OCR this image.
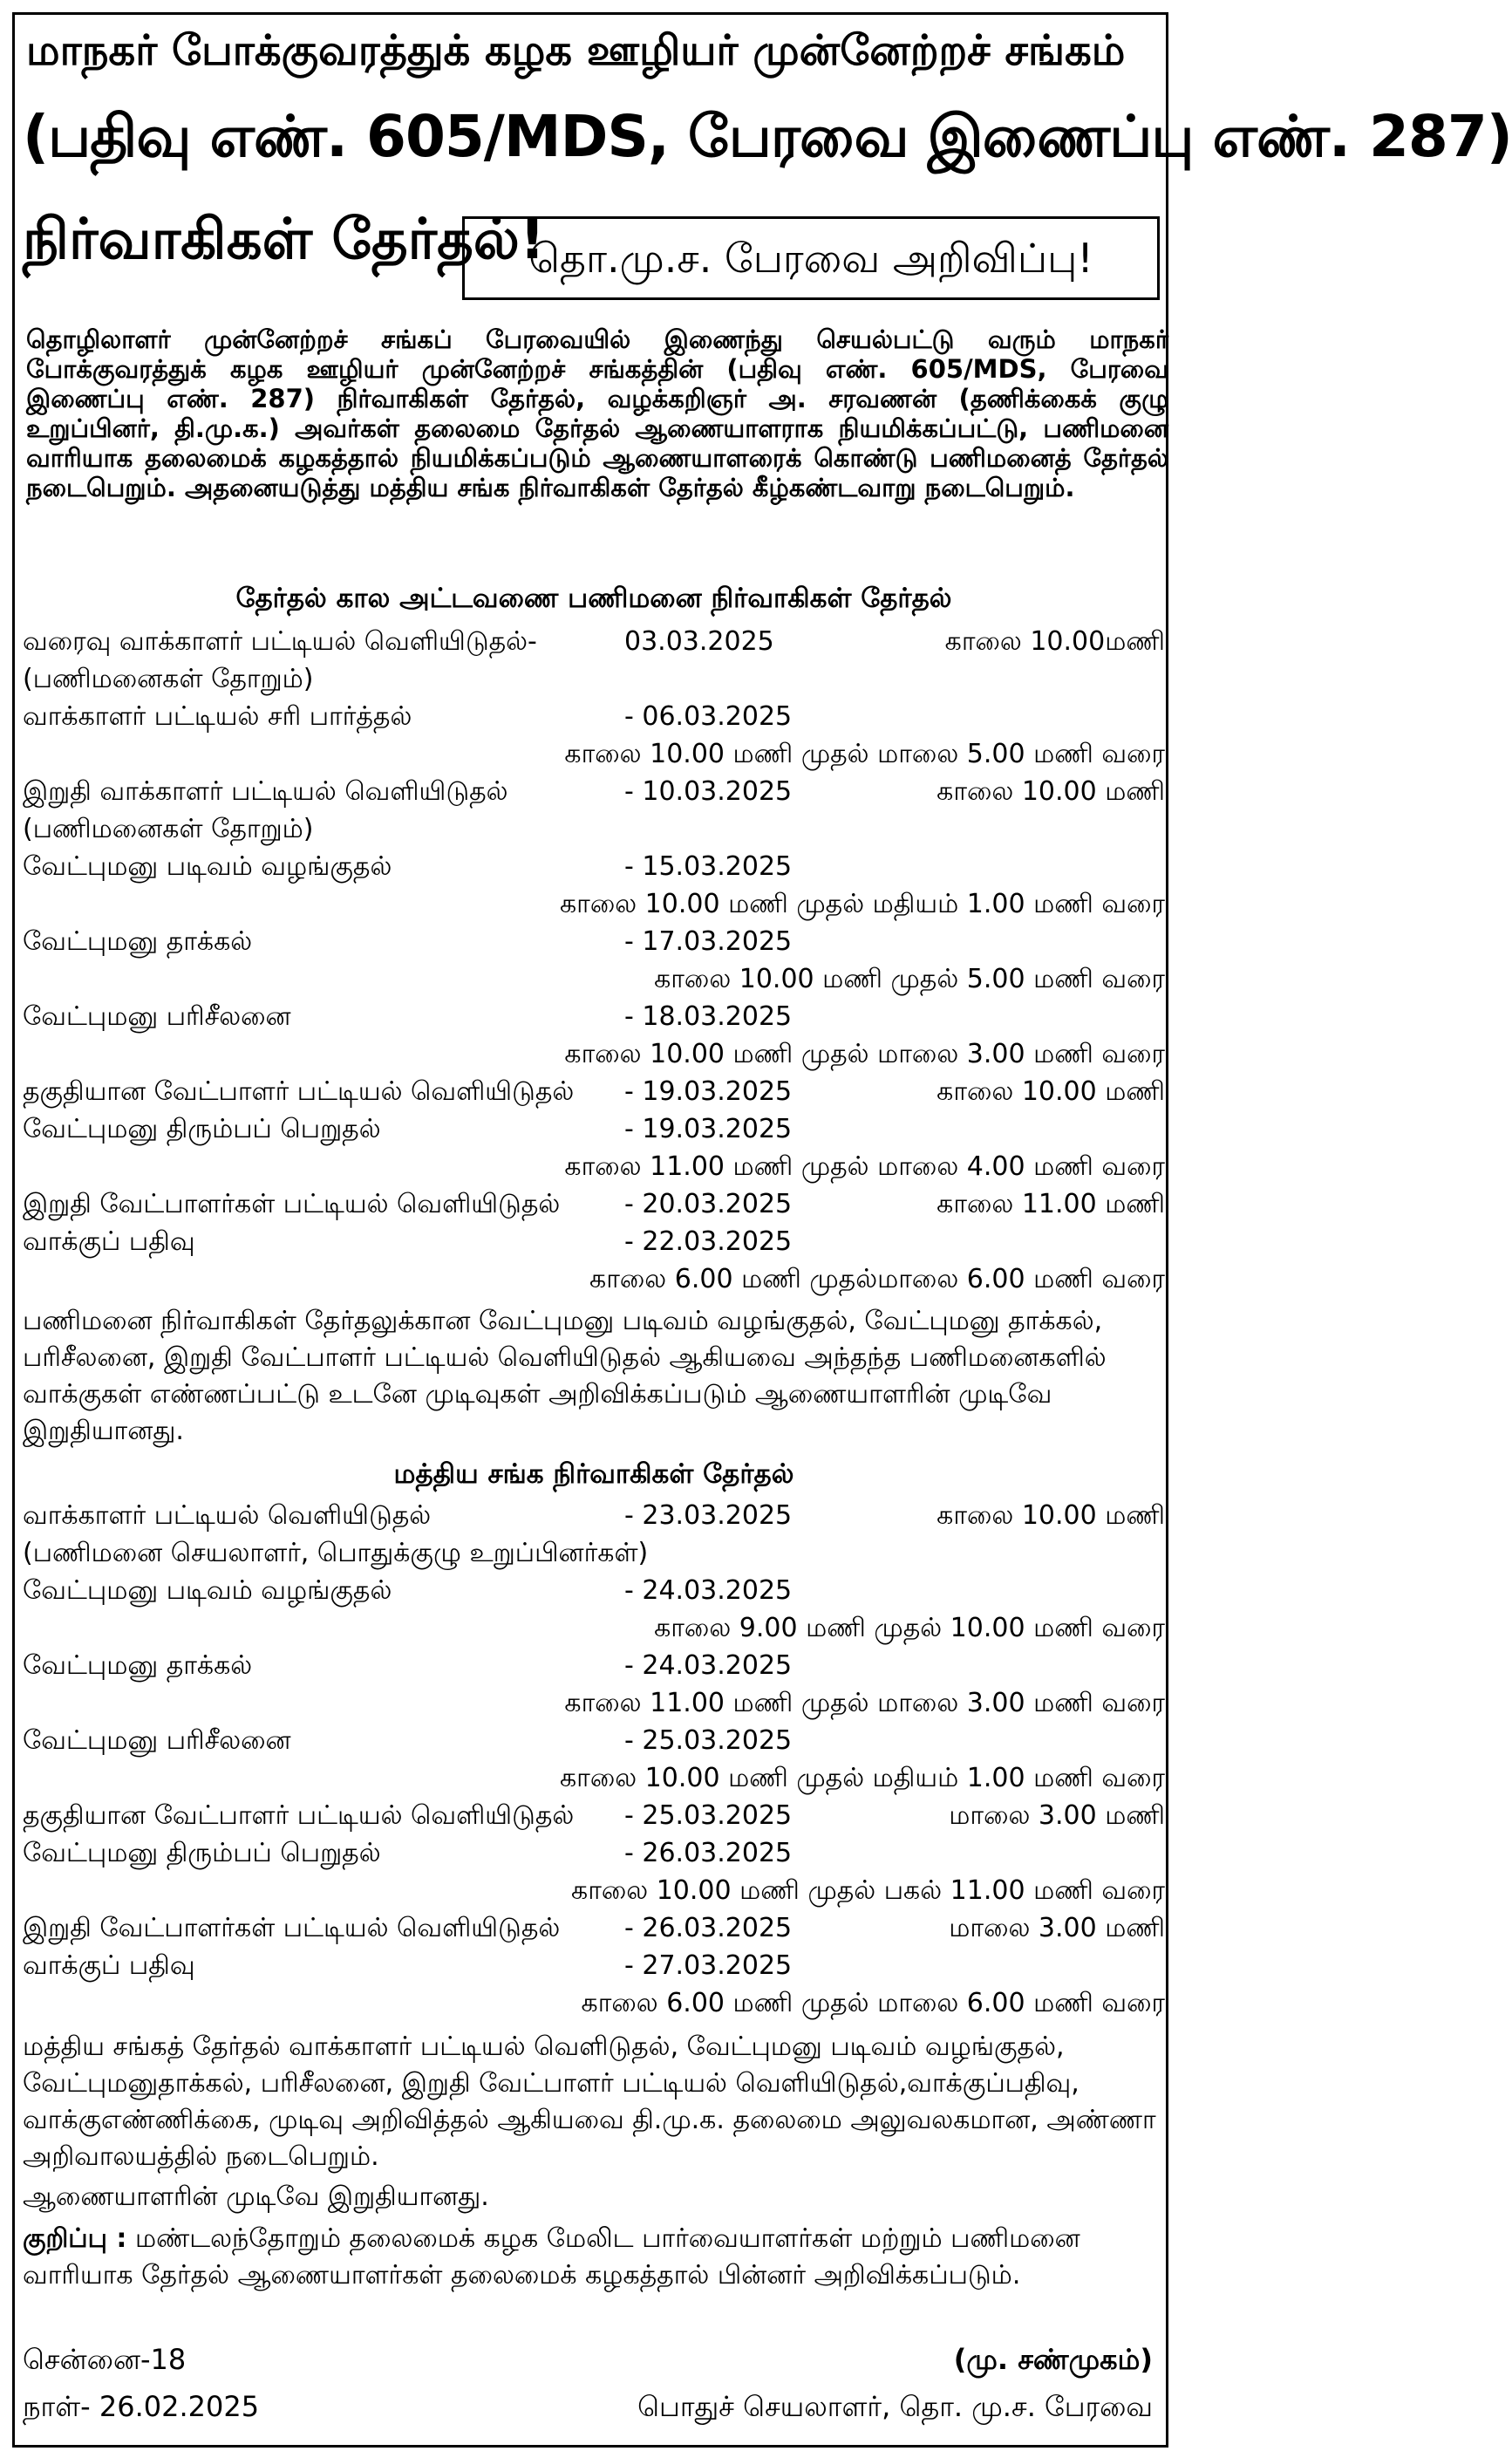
மாநகர் போக்குவரத்துக் கழக ஊழியர் முன்னேற்றச் சங்கம்
(பதிவு எண். 605/MDS, பேரவை இணைப்பு எண். 287)
நிர்வாகிகள் தேர்தல்!
தொ.மு.ச. பேரவை அறிவிப்பு!
தொழிலாளர் முன்னேற்றச் சங்கப் பேரவையில் இணைந்து செயல்பட்டு வரும் மாநகர் போக்குவரத்துக் கழக ஊழியர் முன்னேற்றச் சங்கத்தின் (பதிவு எண். 605/MDS, பேரவை இணைப்பு எண். 287) நிர்வாகிகள் தேர்தல், வழக்கறிஞர் அ. சரவணன் (தணிக்கைக் குழு உறுப்பினர், தி.மு.க.) அவர்கள் தலைமை தேர்தல் ஆணையாளராக நியமிக்கப்பட்டு, பணிமனை வாரியாக தலைமைக் கழகத்தால் நியமிக்கப்படும் ஆணையாளரைக் கொண்டு பணிமனைத் தேர்தல் நடைபெறும். அதனையடுத்து மத்திய சங்க நிர்வாகிகள் தேர்தல் கீழ்கண்டவாறு நடைபெறும்.
தேர்தல் கால அட்டவணை பணிமனை நிர்வாகிகள் தேர்தல்
வரைவு வாக்காளர் பட்டியல் வெளியிடுதல்-	03.03.2025	காலை 10.00மணி
(பணிமனைகள் தோறும்)
வாக்காளர் பட்டியல் சரி பார்த்தல்	- 06.03.2025
காலை 10.00 மணி முதல் மாலை 5.00 மணி வரை
இறுதி வாக்காளர் பட்டியல் வெளியிடுதல்	- 10.03.2025	காலை 10.00 மணி
(பணிமனைகள் தோறும்)
வேட்புமனு படிவம் வழங்குதல்	- 15.03.2025
காலை 10.00 மணி முதல் மதியம் 1.00 மணி வரை
வேட்புமனு தாக்கல்	- 17.03.2025
காலை 10.00 மணி முதல் 5.00 மணி வரை
வேட்புமனு பரிசீலனை	- 18.03.2025
காலை 10.00 மணி முதல் மாலை 3.00 மணி வரை
தகுதியான வேட்பாளர் பட்டியல் வெளியிடுதல் - 19.03.2025	காலை 10.00 மணி
வேட்புமனு திரும்பப் பெறுதல்	- 19.03.2025
காலை 11.00 மணி முதல் மாலை 4.00 மணி வரை
இறுதி வேட்பாளர்கள் பட்டியல் வெளியிடுதல் - 20.03.2025	காலை 11.00 மணி
வாக்குப் பதிவு	- 22.03.2025
காலை 6.00 மணி முதல்மாலை 6.00 மணி வரை
பணிமனை நிர்வாகிகள் தேர்தலுக்கான வேட்புமனு படிவம் வழங்குதல், வேட்புமனு தாக்கல், பரிசீலனை, இறுதி வேட்பாளர் பட்டியல் வெளியிடுதல் ஆகியவை அந்தந்த பணிமனைகளில் வாக்குகள் எண்ணப்பட்டு உடனே முடிவுகள் அறிவிக்கப்படும் ஆணையாளரின் முடிவே இறுதியானது.
மத்திய சங்க நிர்வாகிகள் தேர்தல்
வாக்காளர் பட்டியல் வெளியிடுதல்	- 23.03.2025	காலை 10.00 மணி
(பணிமனை செயலாளர், பொதுக்குழு உறுப்பினர்கள்)
வேட்புமனு படிவம் வழங்குதல்	- 24.03.2025
காலை 9.00 மணி முதல் 10.00 மணி வரை
வேட்புமனு தாக்கல்	- 24.03.2025
காலை 11.00 மணி முதல் மாலை 3.00 மணி வரை
வேட்புமனு பரிசீலனை	- 25.03.2025
காலை 10.00 மணி முதல் மதியம் 1.00 மணி வரை
தகுதியான வேட்பாளர் பட்டியல் வெளியிடுதல் - 25.03.2025	மாலை 3.00 மணி
வேட்புமனு திரும்பப் பெறுதல்	- 26.03.2025
காலை 10.00 மணி முதல் பகல் 11.00 மணி வரை
இறுதி வேட்பாளர்கள் பட்டியல் வெளியிடுதல் - 26.03.2025	மாலை 3.00 மணி
வாக்குப் பதிவு	- 27.03.2025
காலை 6.00 மணி முதல் மாலை 6.00 மணி வரை
மத்திய சங்கத் தேர்தல் வாக்காளர் பட்டியல் வெளிடுதல், வேட்புமனு படிவம் வழங்குதல், வேட்புமனுதாக்கல், பரிசீலனை, இறுதி வேட்பாளர் பட்டியல் வெளியிடுதல்,வாக்குப்பதிவு, வாக்குஎண்ணிக்கை, முடிவு அறிவித்தல் ஆகியவை தி.மு.க. தலைமை அலுவலகமான, அண்ணா அறிவாலயத்தில் நடைபெறும்.
ஆணையாளரின் முடிவே இறுதியானது.
குறிப்பு : மண்டலந்தோறும் தலைமைக் கழக மேலிட பார்வையாளர்கள் மற்றும் பணிமனை வாரியாக தேர்தல் ஆணையாளர்கள் தலைமைக் கழகத்தால் பின்னர் அறிவிக்கப்படும்.
சென்னை-18
நாள்- 26.02.2025
(மு. சண்முகம்)
பொதுச் செயலாளர், தொ. மு.ச. பேரவை
